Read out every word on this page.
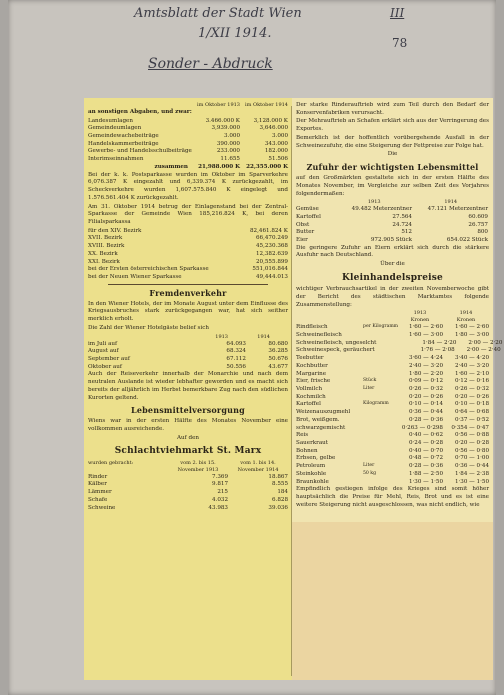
Amtsblatt der Stadt Wien	III
1/XII 1914.
78
Sonder - Abdruck
im Oktober 1913	im Oktober 1914
an sonstigen Abgaben, und zwar:
Landesumlagen	3.466.000 K	3,128.000 K
Gemeindeumlagen	3,939.000	3,646.000
Gemeindewachebeiträge	3.000	3.000
Handelskammerbeiträge	390.000	343.000
Gewerbe- und Handelsschulbeiträge	233.000	182.000
Interimseinnahmen	11.655	51.506
zusammen	21,988.000 K	22,355.000 K

Bei der k. k. Postsparkasse wurden im Oktober im Sparverkehre 6,076.387 K eingezahlt und 6,339.374 K zurückgezahlt, im Scheckverkehre wurden 1,607.575.840 K eingelegt und 1.576.561.404 K zurückgezahlt.

Am 31. Oktober 1914 betrug der Einlagenstand bei der Zentral-Sparkasse der Gemeinde Wien 185,216.824 K, bei deren Filialsparkassa

für den XIV. Bezirk	82,461.824 K
XVII. Bezirk	66,470.249
XVIII. Bezirk	45,230.368
XX. Bezirk	12,382.639
XXI. Bezirk	20,555.899
bei der Ersten österreichischen Sparkasse	551,016.844
bei der Neuen Wiener Sparkasse	49,444.013
Fremdenverkehr

In den Wiener Hotels, der im Monate August unter dem Einflusse des Kriegsausbruches stark zurückgegangen war, hat sich seither merklich erholt.

Die Zahl der Wiener Hotelgäste belief sich

1913	1914
im Juli auf	64.093	80.680
August auf	68.324	36.285
September auf	67.112	50.676
Oktober auf	50.556	43.677

Auch der Reiseverkehr innerhalb der Monarchie und nach dem neutralen Auslande ist wieder lebhafter geworden und es macht sich bereits der alljährlich im Herbst bemerkbare Zug nach den südlichen Kurorten geltend.

Lebensmittelversorgung

Wiens war in der ersten Hälfte des Monates November eine vollkommen ausreichende.

Auf den

Schlachtviehmarkt St. Marx
wurden gebracht:	vom 2. bis 15. November 1913
vom 1. bis 14. November 1914
Rinder	7.369	18.867
Kälber	9.817	8.555
Lämmer	215	184
Schafe	4.032	6.828
Schweine	43.983	39.036

Der starke Rinderauftrieb wird zum Teil durch den Bedarf der Konservenfabriken verursacht.

Der Mehrauftrieb an Schafen erklärt sich aus der Verringerung des Exportes.

Bemerklich ist der hoffentlich vorübergehende Ausfall in der Schweinezufuhr, die eine Steigerung der Fettpreise zur Folge hat.

Die

Zufuhr der wichtigsten Lebensmittel

auf den Großmärkten gestaltete sich in der ersten Hälfte des Monates November, im Vergleiche zur selben Zeit des Vorjahres folgendermaßen:

1913	1914
Gemüse	49.482 Meterzentner	47.121 Meterzentner
Kartoffel	27.564	60.609
Obst	24.724	26.757
Butter	512	800
Eier	972.905 Stück	654.022 Stück

Die geringere Zufuhr an Eiern erklärt sich durch die stärkere Ausfuhr nach Deutschland.

Über die

Kleinhandelspreise

wichtiger Verbrauchsartikel in der zweiten Novemberwoche gibt der Bericht des städtischen Marktamtes folgende Zusammenstellung:

1913	1914
Kronen	Kronen
Rindfleisch	per Kilogramm	1·60 — 2·60	1·60 — 2·60
Schweinefleisch	1·60 — 3·00	1·80 — 3·00
Schweinefleisch, ungeselcht	1·84 — 2·20	2·00 — 2·20
Schweinespeck, geräuchert	1·76 — 2·08	2·00 — 2·40
Teebutter	3·60 — 4·24	3·40 — 4·20
Kochbutter	2·40 — 3·20	2·40 — 3·20
Margarine	1·80 — 2·20	1·60 — 2·10
Eier, frische	Stück	0·09 — 0·12	0·12 — 0·16
Vollmilch	Liter	0·26 — 0·32	0·26 — 0·32
Kochmilch	0·20 — 0·26	0·20 — 0·26
Kartoffel	Kilogramm	0·10 — 0·14	0·10 — 0·18
Weizenauszugmehl	0·36 — 0·44	0·64 — 0·68
Brot, weißgem.	0·28 — 0·36	0·37 — 0·52
schwarzgemischt	0·263 — 0·298	0·354 — 0·47
Reis	0·40 — 0·62	0·56 — 0·88
Sauerkraut	0·24 — 0·28	0·20 — 0·28
Bohnen	0·40 — 0·70	0·56 — 0·80
Erbsen, gelbe	0·48 — 0·72	0·70 — 1·00
Petroleum	Liter	0·28 — 0·36	0·36 — 0·44
Steinkohle	50 kg	1·88 — 2·50	1·84 — 2·38
Braunkohle	1·30 — 1·50	1·30 — 1·50

Empfindlich gestiegen infolge des Krieges sind somit höher hauptsächlich die Preise für Mehl, Reis, Brot und es ist eine weitere Steigerung nicht ausgeschlossen, was nicht endlich, wie
